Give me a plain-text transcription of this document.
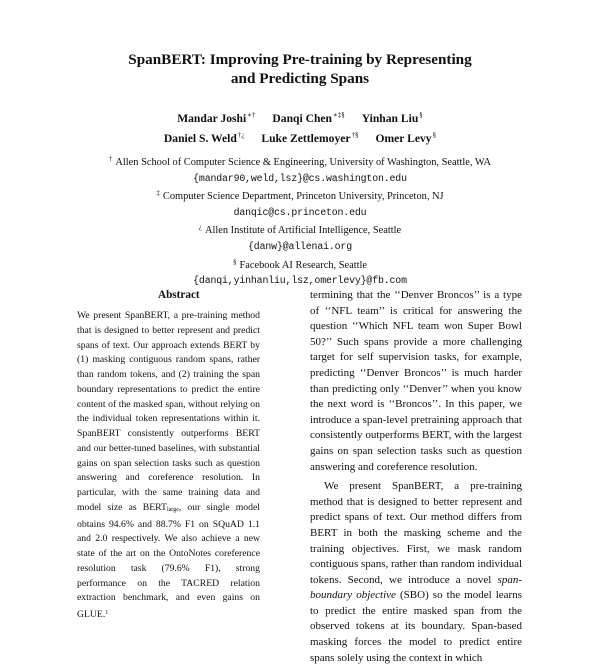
SpanBERT: Improving Pre-training by Representing
and Predicting Spans
Mandar Joshi∗† Danqi Chen∗‡§ Yinhan Liu§
Daniel S. Weld†¿ Luke Zettlemoyer†§ Omer Levy§
† Allen School of Computer Science & Engineering, University of Washington, Seattle, WA
{mandar90,weld,lsz}@cs.washington.edu
‡ Computer Science Department, Princeton University, Princeton, NJ
danqic@cs.princeton.edu
¿ Allen Institute of Artificial Intelligence, Seattle
{danw}@allenai.org
§ Facebook AI Research, Seattle
{danqi,yinhanliu,lsz,omerlevy}@fb.com
Abstract
We present SpanBERT, a pre-training method that is designed to better represent and predict spans of text. Our approach extends BERT by (1) masking contiguous random spans, rather than random tokens, and (2) training the span boundary representations to predict the entire content of the masked span, without relying on the individual token representations within it. SpanBERT consistently outperforms BERT and our better-tuned baselines, with substantial gains on span selection tasks such as question answering and coreference resolution. In particular, with the same training data and model size as $BERT_{large}$, our single model obtains 94.6% and 88.7% F1 on SQuAD 1.1 and 2.0 respectively. We also achieve a new state of the art on the OntoNotes coreference resolution task (79.6% F1), strong performance on the TACRED relation extraction benchmark, and even gains on GLUE.$^1$

termining that the ‘‘Denver Broncos’’ is a type of ‘‘NFL team’’ is critical for answering the question ‘‘Which NFL team won Super Bowl 50?’’ Such spans provide a more challenging target for self supervision tasks, for example, predicting ‘‘Denver Broncos’’ is much harder than predicting only ‘‘Denver’’ when you know the next word is ‘‘Broncos’’. In this paper, we introduce a span-level pretraining approach that consistently outperforms BERT, with the largest gains on span selection tasks such as question answering and coreference resolution.

We present SpanBERT, a pre-training method that is designed to better represent and predict spans of text. Our method differs from BERT in both the masking scheme and the training objectives. First, we mask random contiguous spans, rather than random individual tokens. Second, we introduce a novel span-boundary objective (SBO) so the model learns to predict the entire masked span from the observed tokens at its boundary. Span-based masking forces the model to predict entire spans solely using the context in which
